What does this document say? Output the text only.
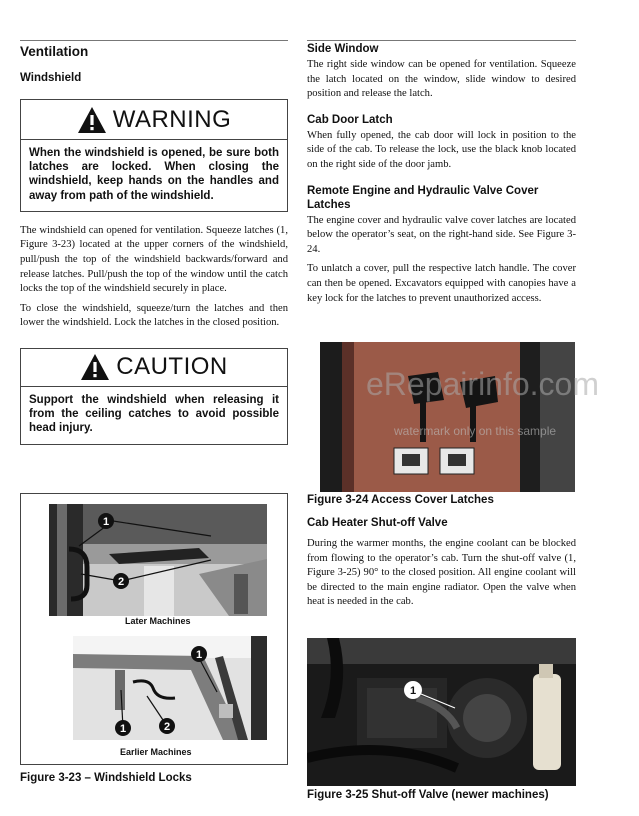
Ventilation
Windshield
WARNING
When the windshield is opened, be sure both latches are locked. When closing the windshield, keep hands on the handles and away from path of the windshield.
The windshield can opened for ventilation. Squeeze latches (1, Figure 3-23) located at the upper corners of the windshield, pull/push the top of the windshield backwards/forward and release latches. Pull/push the top of the window until the catch locks the top of the windshield securely in place.
To close the windshield, squeeze/turn the latches and then lower the windshield. Lock the latches in the closed position.
CAUTION
Support the windshield when releasing it from the ceiling catches to avoid possible head injury.
1
2
Later Machines
1
1	2
Earlier Machines
Figure 3-23 – Windshield Locks
Side Window
The right side window can be opened for ventilation. Squeeze the latch located on the window, slide window to desired position and release the latch.
Cab Door Latch
When fully opened, the cab door will lock in position to the side of the cab. To release the lock, use the black knob located on the right side of the door jamb.
Remote Engine and Hydraulic Valve Cover Latches
The engine cover and hydraulic valve cover latches are located below the operator’s seat, on the right-hand side. See Figure 3-24.
To unlatch a cover, pull the respective latch handle. The cover can then be opened. Excavators equipped with canopies have a key lock for the latches to prevent unauthorized access.
Figure 3-24 Access Cover Latches
Cab Heater Shut-off Valve
During the warmer months, the engine coolant can be blocked from flowing to the operator’s cab. Turn the shut-off valve (1, Figure 3-25) 90° to the closed position. All engine coolant will be directed to the main engine radiator. Open the valve when heat is needed in the cab.
1
Figure 3-25 Shut-off Valve (newer machines)
eRepairinfo.com
watermark only on this sample
